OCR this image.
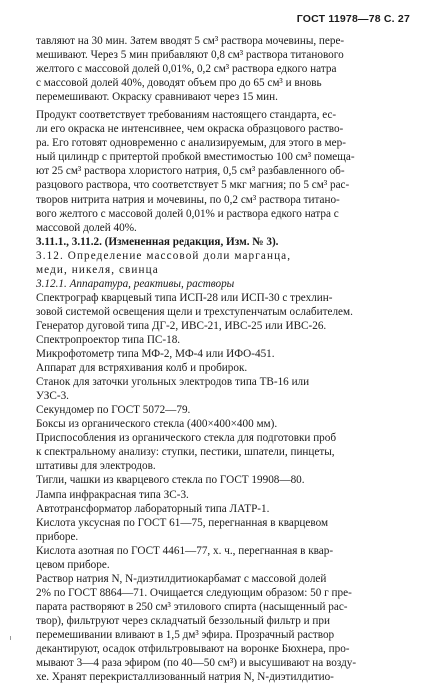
ГОСТ 11978—78 С. 27
тавляют на 30 мин. Затем вводят 5 см³ раствора мочевины, пере-
мешивают. Через 5 мин прибавляют 0,8 см³ раствора титанового
желтого с массовой долей 0,01%, 0,2 см³ раствора едкого натра
с массовой долей 40%, доводят объем про до 65 см³ и вновь
перемешивают. Окраску сравнивают через 15 мин.
Продукт соответствует требованиям настоящего стандарта, ес-
ли его окраска не интенсивнее, чем окраска образцового раство-
ра. Его готовят одновременно с анализируемым, для этого в мер-
ный цилиндр с притертой пробкой вместимостью 100 см³ помещa-
ют 25 см³ раствора хлористого натрия, 0,5 см³ разбавленного об-
разцового раствора, что соответствует 5 мкг магния; по 5 см³ рас-
творов нитрита натрия и мочевины, по 0,2 см³ раствора титано-
вого желтого с массовой долей 0,01% и раствора едкого натра с
массовой долей 40%.
3.11.1., 3.11.2. (Измененная редакция, Изм. № 3).
3.12. Определение массовой доли марганца,
меди, никеля, свинца
3.12.1. Аппаратура, реактивы, растворы
Спектрограф кварцевый типа ИСП-28 или ИСП-30 с трехлин-
зовой системой освещения щели и трехступенчатым ослабителем.
Генератор дуговой типа ДГ-2, ИВС-21, ИВС-25 или ИВС-26.
Спектропроектор типа ПС-18.
Микрофотометр типа МФ-2, МФ-4 или ИФО-451.
Аппарат для встряхивания колб и пробирок.
Станок для заточки угольных электродов типа ТВ-16 или
УЗС-3.
Секундомер по ГОСТ 5072—79.
Боксы из органического стекла (400×400×400 мм).
Приспособления из органического стекла для подготовки проб
к спектральному анализу: ступки, пестики, шпатели, пинцеты,
штативы для электродов.
Тигли, чашки из кварцевого стекла по ГОСТ 19908—80.
Лампа инфракрасная типа ЗС-3.
Автотрансформатор лабораторный типа ЛАТР-1.
Кислота уксусная по ГОСТ 61—75, перегнанная в кварцевом
приборе.
Кислота азотная по ГОСТ 4461—77, х. ч., перегнанная в квар-
цевом приборе.
Раствор натрия N, N-диэтилдитиокарбамат с массовой долей
2% по ГОСТ 8864—71. Очищается следующим образом: 50 г пре-
парата растворяют в 250 см³ этилового спирта (насыщенный рас-
твор), фильтруют через складчатый беззольный фильтр и при
перемешивании вливают в 1,5 дм³ эфира. Прозрачный раствор
декантируют, осадок отфильтровывают на воронке Бюхнера, про-
мывают 3—4 раза эфиром (по 40—50 см³) и высушивают на возду-
хе. Хранят перекристаллизованный натрия N, N-диэтилдитио-
